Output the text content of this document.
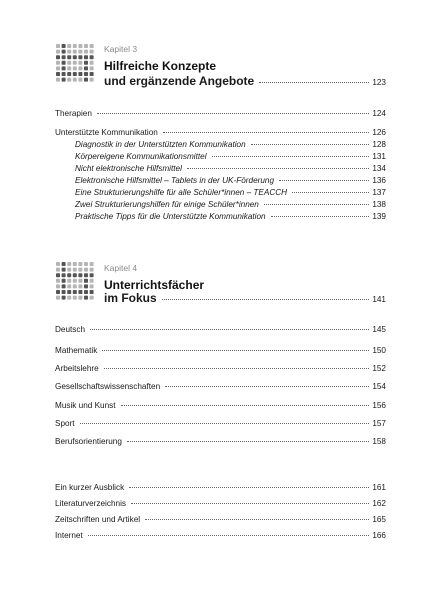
Kapitel 3
Hilfreiche Konzepte
und ergänzende Angebote	123
Therapien	124
Unterstützte Kommunikation	126
Diagnostik in der Unterstützten Kommunikation	128
Körpereigene Kommunikationsmittel	131
Nicht elektronische Hilfsmittel	134
Elektronische Hilfsmittel – Tablets in der UK-Förderung	136
Eine Strukturierungshilfe für alle Schüler*innen – TEACCH	137
Zwei Strukturierungshilfen für einige Schüler*innen	138
Praktische Tipps für die Unterstützte Kommunikation	139
Kapitel 4
Unterrichtsfächer
im Fokus	141
Deutsch	145
Mathematik	150
Arbeitslehre	152
Gesellschaftswissenschaften	154
Musik und Kunst	156
Sport	157
Berufsorientierung	158
Ein kurzer Ausblick	161
Literaturverzeichnis	162
Zeitschriften und Artikel	165
Internet	166
